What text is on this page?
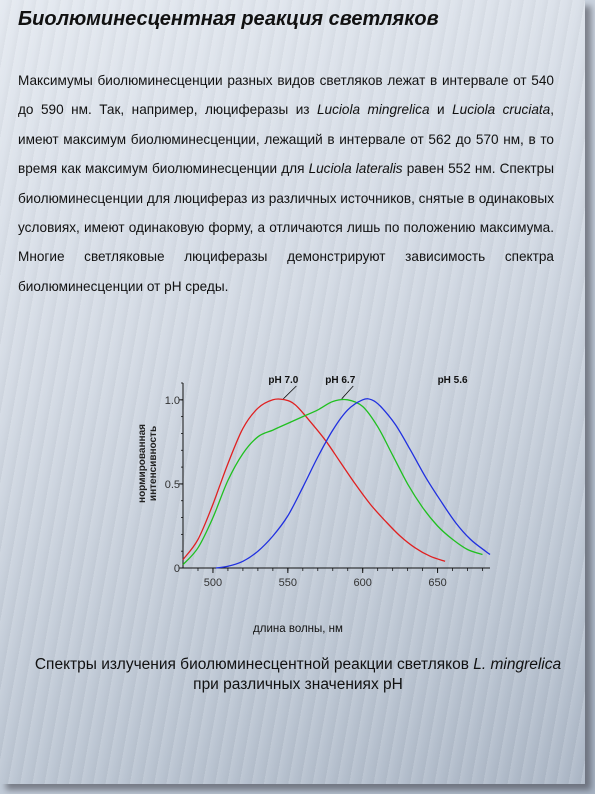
Биолюминесцентная реакция светляков

Максимумы биолюминесценции разных видов светляков лежат в интервале от 540 до 590 нм. Так, например, люциферазы из Luciola mingrelica и Luciola cruciata, имеют максимум биолюминесценции, лежащий в интервале от 562 до 570 нм, в то время как максимум биолюминесценции для Luciola lateralis равен 552 нм. Спектры биолюминесценции для люцифераз из различных источников, снятые в одинаковых условиях, имеют одинаковую форму, а отличаются лишь по положению максимума. Многие светляковые люциферазы демонстрируют зависимость спектра биолюминесценции от pH среды.

0
0.5
1.0
500	550	600	650
pH 7.0	pH 6.7	pH 5.6
длина волны, нм
нормированная интенсивность

Спектры излучения биолюминесцентной реакции светляков L. mingrelica при различных значениях pH
